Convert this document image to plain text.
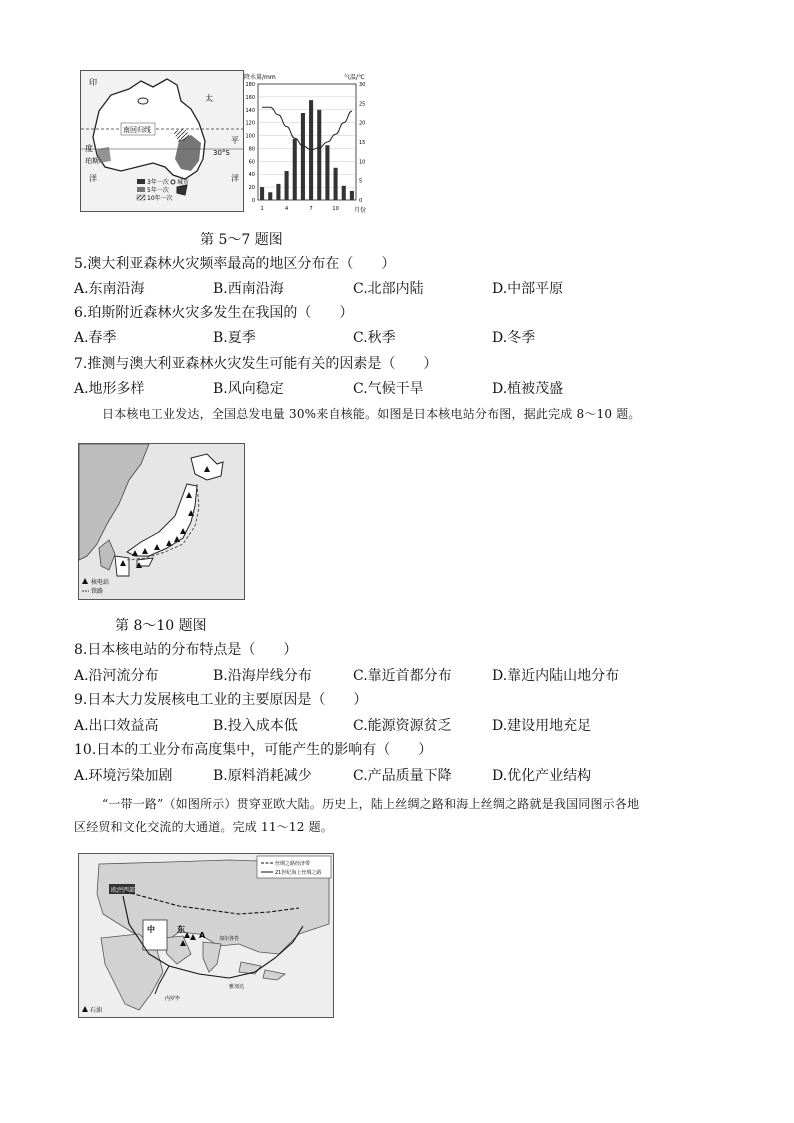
南回归线
印
太
平
度
洋	洋
30°S
珀斯
3年一次
5年一次
10年一次
城市
降水量/mm	气温/℃
180
160
140
120
100
80
60
40
20
0
30
25
20
15
10
5
0
1	4	7	10	月份
第 5～7 题图
5.澳大利亚森林火灾频率最高的地区分布在（　　）
A.东南沿海	B.西南沿海	C.北部内陆	D.中部平原
6.珀斯附近森林火灾多发生在我国的（　　）
A.春季	B.夏季	C.秋季	D.冬季
7.推测与澳大利亚森林火灾发生可能有关的因素是（　　）
A.地形多样	B.风向稳定	C.气候干旱	D.植被茂盛
日本核电工业发达，全国总发电量 30%来自核能。如图是日本核电站分布图，据此完成 8～10 题。
核电站
铁路
第 8～10 题图
8.日本核电站的分布特点是（　　）
A.沿河流分布	B.沿海岸线分布	C.靠近首都分布	D.靠近内陆山地分布
9.日本大力发展核电工业的主要原因是（　　）
A.出口效益高	B.投入成本低	C.能源资源贫乏	D.建设用地充足
10.日本的工业分布高度集中，可能产生的影响有（　　）
A.环境污染加剧	B.原料消耗减少	C.产品质量下降	D.优化产业结构
“一带一路”（如图所示）贯穿亚欧大陆。历史上，陆上丝绸之路和海上丝绸之路就是我国同图示各地
区经贸和文化交流的大通道。完成 11～12 题。
欧洲西部
中	东
A
内罗毕
雅加达
加尔各答
丝绸之路经济带
21世纪海上丝绸之路
石油
